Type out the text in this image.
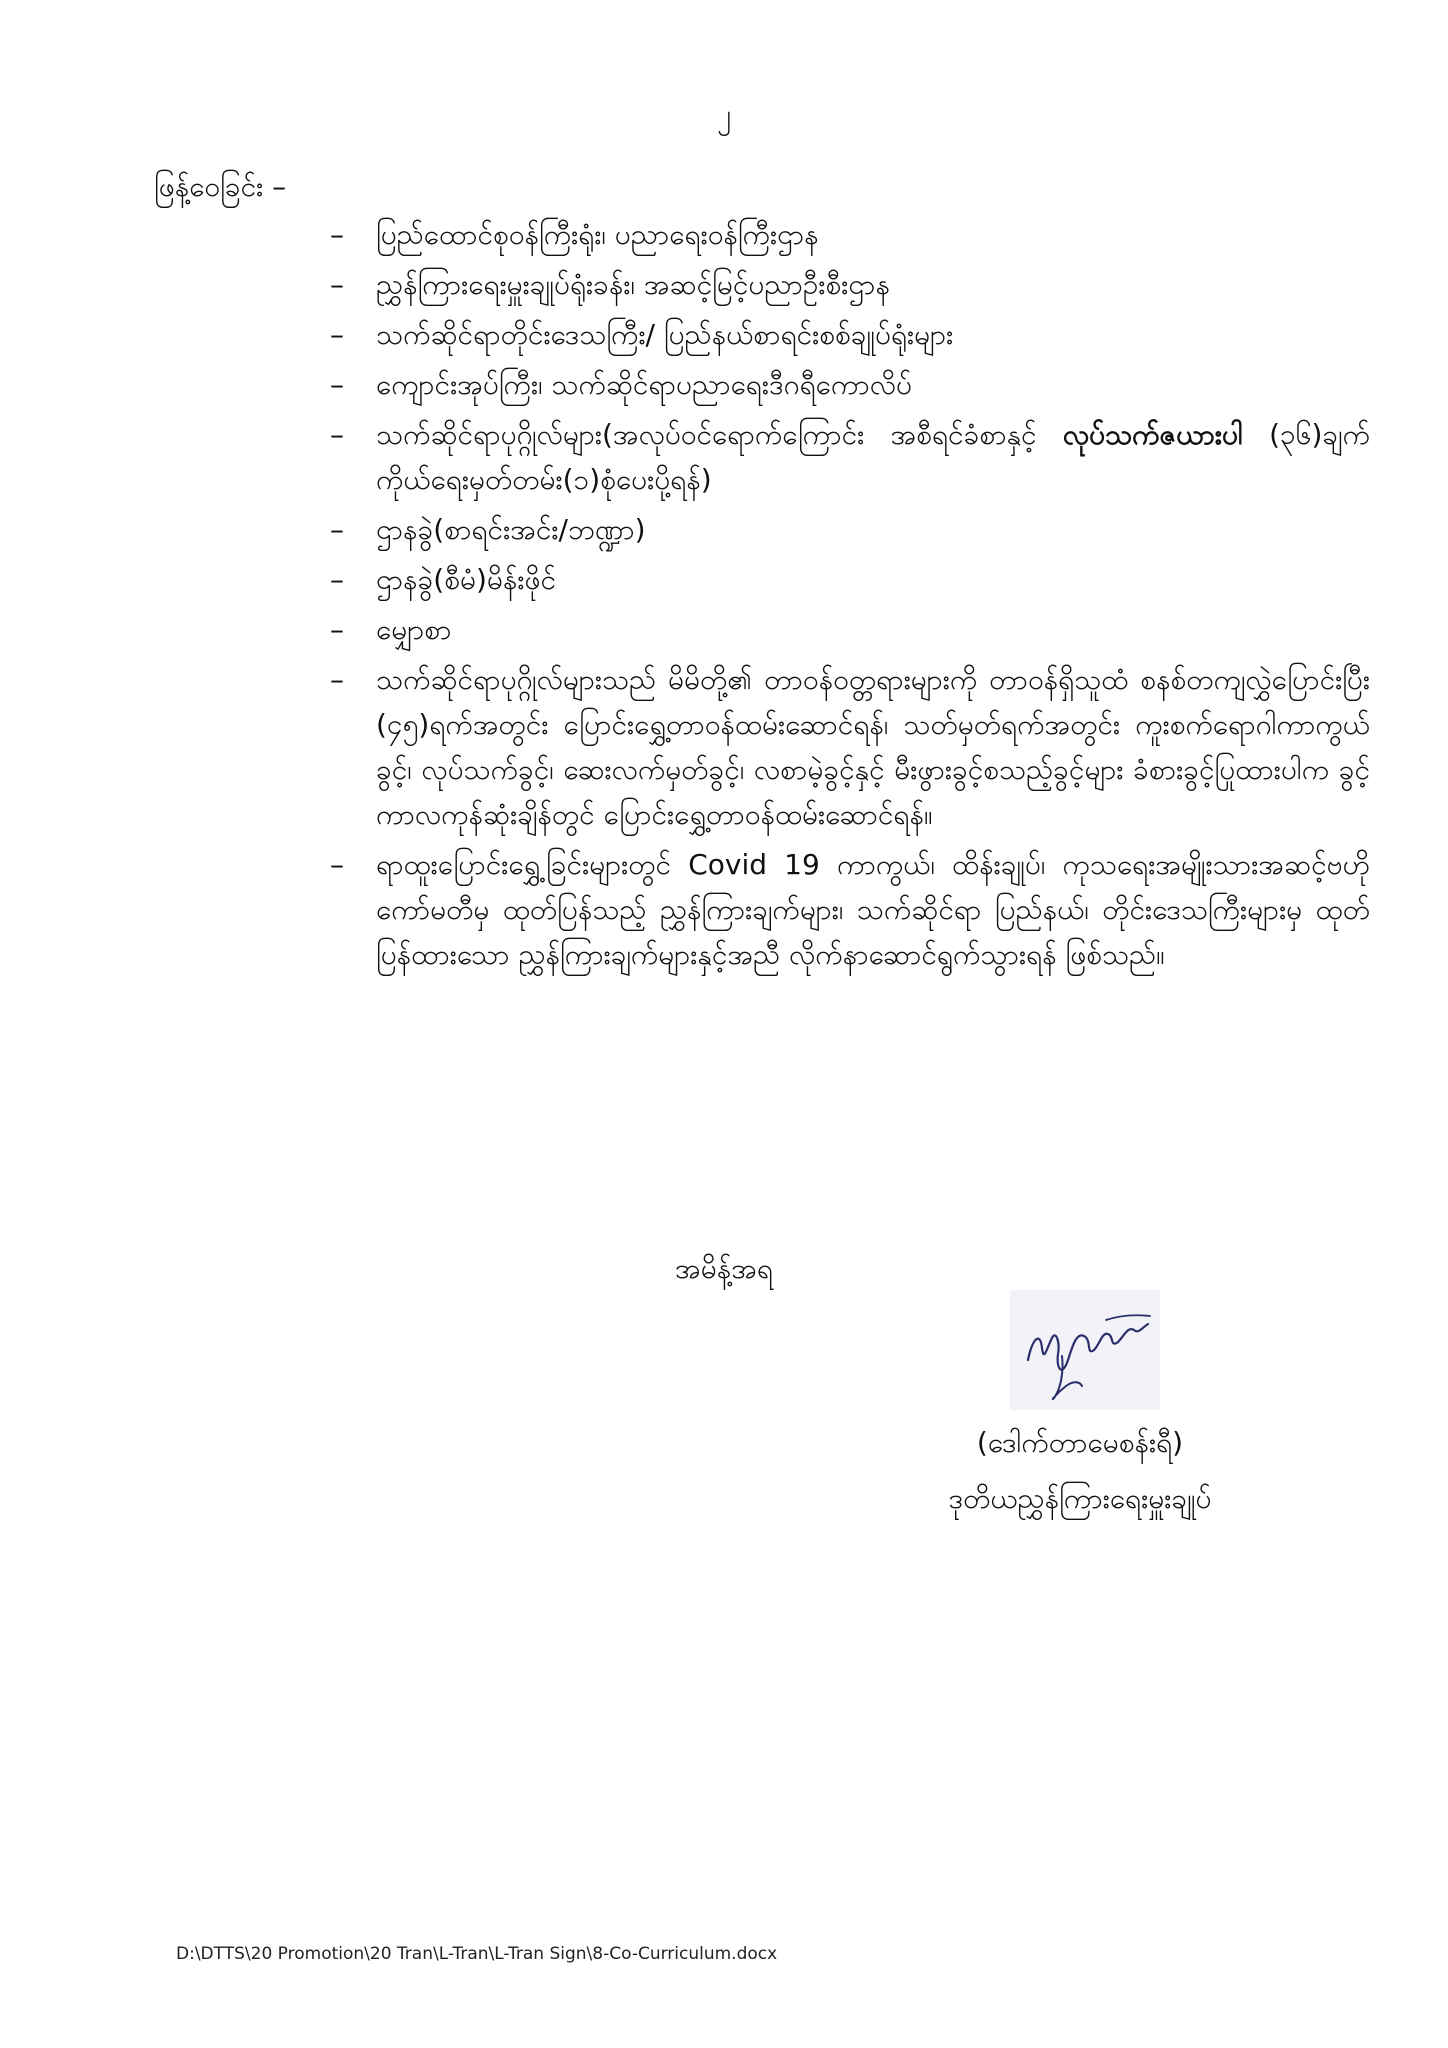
၂
ဖြန့်ဝေခြင်း –
– ပြည်ထောင်စုဝန်ကြီးရုံး၊ ပညာရေးဝန်ကြီးဌာန
– ညွှန်ကြားရေးမှူးချုပ်ရုံးခန်း၊ အဆင့်မြင့်ပညာဦးစီးဌာန
– သက်ဆိုင်ရာတိုင်းဒေသကြီး/ ပြည်နယ်စာရင်းစစ်ချုပ်ရုံးများ
– ကျောင်းအုပ်ကြီး၊ သက်ဆိုင်ရာပညာရေးဒီဂရီကောလိပ်
– သက်ဆိုင်ရာပုဂ္ဂိုလ်များ(အလုပ်ဝင်ရောက်ကြောင်း အစီရင်ခံစာနှင့် လုပ်သက်ဇယားပါ (၃၆)ချက်ကိုယ်ရေးမှတ်တမ်း(၁)စုံပေးပို့ရန်)
– ဌာနခွဲ(စာရင်းအင်း/ဘဏ္ဍာ)
– ဌာနခွဲ(စီမံ)မိန်းဖိုင်
– မျှောစာ
– သက်ဆိုင်ရာပုဂ္ဂိုလ်များသည် မိမိတို့၏ တာဝန်ဝတ္တရားများကို တာဝန်ရှိသူထံ စနစ်တကျလွှဲပြောင်းပြီး (၄၅)ရက်အတွင်း ပြောင်းရွှေ့တာဝန်ထမ်းဆောင်ရန်၊ သတ်မှတ်ရက်အတွင်း ကူးစက်ရောဂါကာကွယ်ခွင့်၊ လုပ်သက်ခွင့်၊ ဆေးလက်မှတ်ခွင့်၊ လစာမဲ့ခွင့်နှင့် မီးဖွားခွင့်စသည့်ခွင့်များ ခံစားခွင့်ပြုထားပါက ခွင့်ကာလကုန်ဆုံးချိန်တွင် ပြောင်းရွှေ့တာဝန်ထမ်းဆောင်ရန်။
– ရာထူးပြောင်းရွှေ့ခြင်းများတွင် Covid 19 ကာကွယ်၊ ထိန်းချုပ်၊ ကုသရေးအမျိုးသားအဆင့်ဗဟိုကော်မတီမှ ထုတ်ပြန်သည့် ညွှန်ကြားချက်များ၊ သက်ဆိုင်ရာ ပြည်နယ်၊ တိုင်းဒေသကြီးများမှ ထုတ်ပြန်ထားသော ညွှန်ကြားချက်များနှင့်အညီ လိုက်နာဆောင်ရွက်သွားရန် ဖြစ်သည်။
အမိန့်အရ
(ဒေါက်တာမေစန်းရီ)
ဒုတိယညွှန်ကြားရေးမှူးချုပ်
D:\DTTS\20 Promotion\20 Tran\L-Tran\L-Tran Sign\8-Co-Curriculum.docx
